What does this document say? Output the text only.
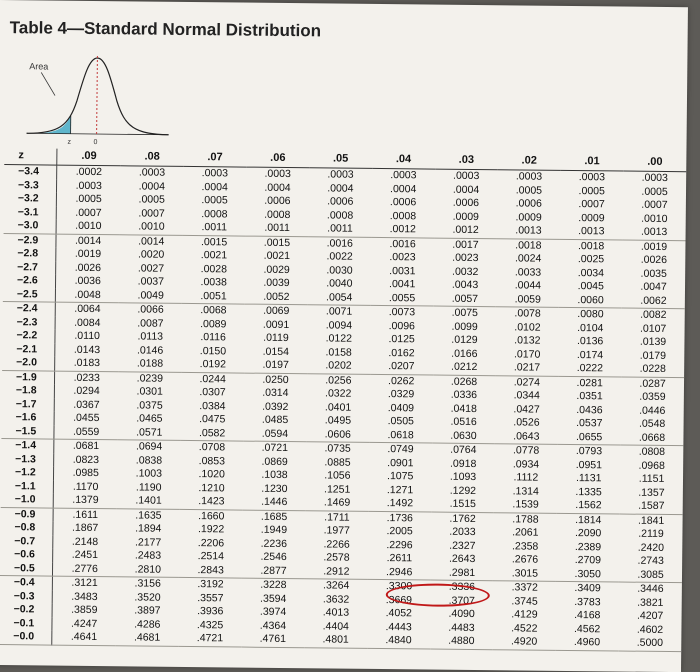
Table 4—Standard Normal Distribution
Area
z	0
z	.09	.08	.07	.06	.05	.04	.03	.02	.01	.00
−3.4	.0002	.0003	.0003	.0003	.0003	.0003	.0003	.0003	.0003	.0003
−3.3	.0003	.0004	.0004	.0004	.0004	.0004	.0004	.0005	.0005	.0005
−3.2	.0005	.0005	.0005	.0006	.0006	.0006	.0006	.0006	.0007	.0007
−3.1	.0007	.0007	.0008	.0008	.0008	.0008	.0009	.0009	.0009	.0010
−3.0	.0010	.0010	.0011	.0011	.0011	.0012	.0012	.0013	.0013	.0013
−2.9	.0014	.0014	.0015	.0015	.0016	.0016	.0017	.0018	.0018	.0019
−2.8	.0019	.0020	.0021	.0021	.0022	.0023	.0023	.0024	.0025	.0026
−2.7	.0026	.0027	.0028	.0029	.0030	.0031	.0032	.0033	.0034	.0035
−2.6	.0036	.0037	.0038	.0039	.0040	.0041	.0043	.0044	.0045	.0047
−2.5	.0048	.0049	.0051	.0052	.0054	.0055	.0057	.0059	.0060	.0062
−2.4	.0064	.0066	.0068	.0069	.0071	.0073	.0075	.0078	.0080	.0082
−2.3	.0084	.0087	.0089	.0091	.0094	.0096	.0099	.0102	.0104	.0107
−2.2	.0110	.0113	.0116	.0119	.0122	.0125	.0129	.0132	.0136	.0139
−2.1	.0143	.0146	.0150	.0154	.0158	.0162	.0166	.0170	.0174	.0179
−2.0	.0183	.0188	.0192	.0197	.0202	.0207	.0212	.0217	.0222	.0228
−1.9	.0233	.0239	.0244	.0250	.0256	.0262	.0268	.0274	.0281	.0287
−1.8	.0294	.0301	.0307	.0314	.0322	.0329	.0336	.0344	.0351	.0359
−1.7	.0367	.0375	.0384	.0392	.0401	.0409	.0418	.0427	.0436	.0446
−1.6	.0455	.0465	.0475	.0485	.0495	.0505	.0516	.0526	.0537	.0548
−1.5	.0559	.0571	.0582	.0594	.0606	.0618	.0630	.0643	.0655	.0668
−1.4	.0681	.0694	.0708	.0721	.0735	.0749	.0764	.0778	.0793	.0808
−1.3	.0823	.0838	.0853	.0869	.0885	.0901	.0918	.0934	.0951	.0968
−1.2	.0985	.1003	.1020	.1038	.1056	.1075	.1093	.1112	.1131	.1151
−1.1	.1170	.1190	.1210	.1230	.1251	.1271	.1292	.1314	.1335	.1357
−1.0	.1379	.1401	.1423	.1446	.1469	.1492	.1515	.1539	.1562	.1587
−0.9	.1611	.1635	.1660	.1685	.1711	.1736	.1762	.1788	.1814	.1841
−0.8	.1867	.1894	.1922	.1949	.1977	.2005	.2033	.2061	.2090	.2119
−0.7	.2148	.2177	.2206	.2236	.2266	.2296	.2327	.2358	.2389	.2420
−0.6	.2451	.2483	.2514	.2546	.2578	.2611	.2643	.2676	.2709	.2743
−0.5	.2776	.2810	.2843	.2877	.2912	.2946	.2981	.3015	.3050	.3085
−0.4	.3121	.3156	.3192	.3228	.3264	.3300	.3336	.3372	.3409	.3446
−0.3	.3483	.3520	.3557	.3594	.3632	.3669	.3707	.3745	.3783	.3821
−0.2	.3859	.3897	.3936	.3974	.4013	.4052	.4090	.4129	.4168	.4207
−0.1	.4247	.4286	.4325	.4364	.4404	.4443	.4483	.4522	.4562	.4602
−0.0	.4641	.4681	.4721	.4761	.4801	.4840	.4880	.4920	.4960	.5000
